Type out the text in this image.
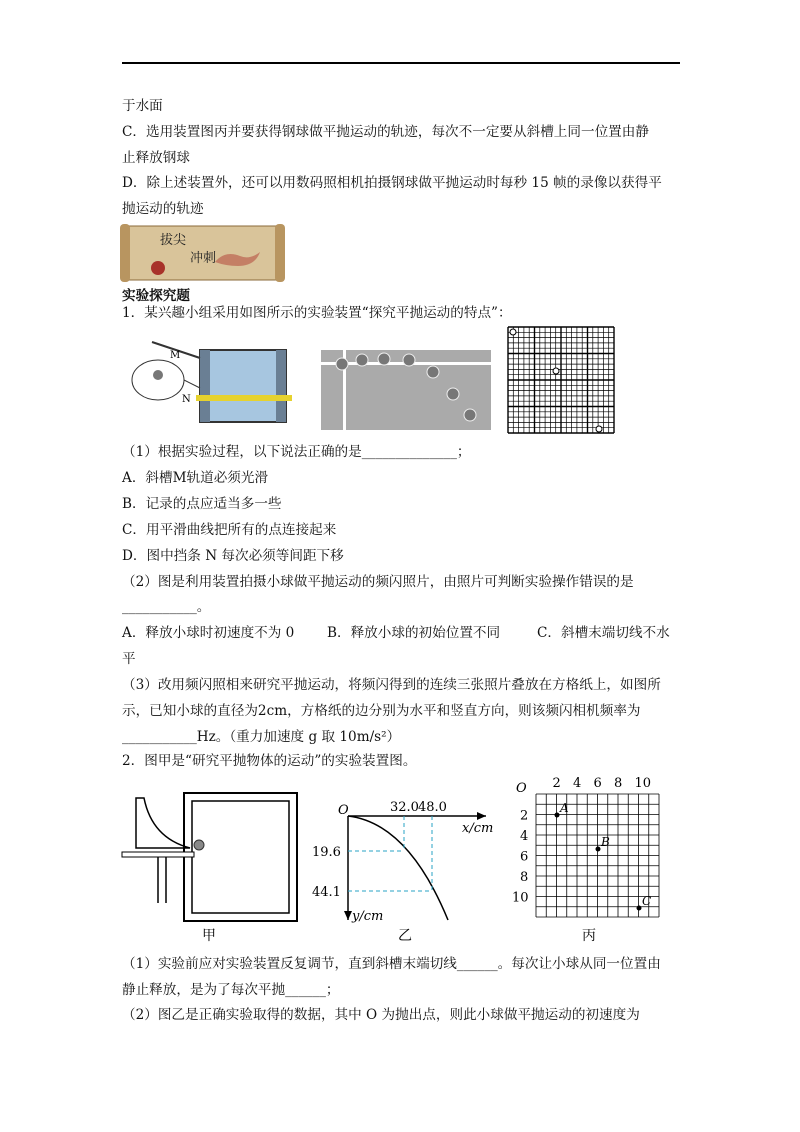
于水面
C．选用装置图丙并要获得钢球做平抛运动的轨迹，每次不一定要从斜槽上同一位置由静
止释放钢球
D．除上述装置外，还可以用数码照相机拍摄钢球做平抛运动时每秒 15 帧的录像以获得平
抛运动的轨迹
拔尖
冲刺
实验探究题
1．某兴趣小组采用如图所示的实验装置“探究平抛运动的特点”：
M
N
（1）根据实验过程，以下说法正确的是______________；
A．斜槽M轨道必须光滑
B．记录的点应适当多一些
C．用平滑曲线把所有的点连接起来
D．图中挡条 N 每次必须等间距下移
（2）图是利用装置拍摄小球做平抛运动的频闪照片，由照片可判断实验操作错误的是
___________。
A．释放小球时初速度不为 0 B．释放小球的初始位置不同	C．斜槽末端切线不水
平
（3）改用频闪照相来研究平抛运动，将频闪得到的连续三张照片叠放在方格纸上，如图所
示，已知小球的直径为2cm，方格纸的边分别为水平和竖直方向，则该频闪相机频率为
___________Hz。（重力加速度 g 取 10m/s²）
2．图甲是“研究平抛物体的运动”的实验装置图。
甲
O	32.0 48.0
x/cm
19.6
44.1
y/cm
乙
O 2 4 6 8 10
2
4
6
8
10
A
B
C
丙
（1）实验前应对实验装置反复调节，直到斜槽末端切线______。每次让小球从同一位置由
静止释放，是为了每次平抛______；
（2）图乙是正确实验取得的数据，其中 O 为抛出点，则此小球做平抛运动的初速度为
